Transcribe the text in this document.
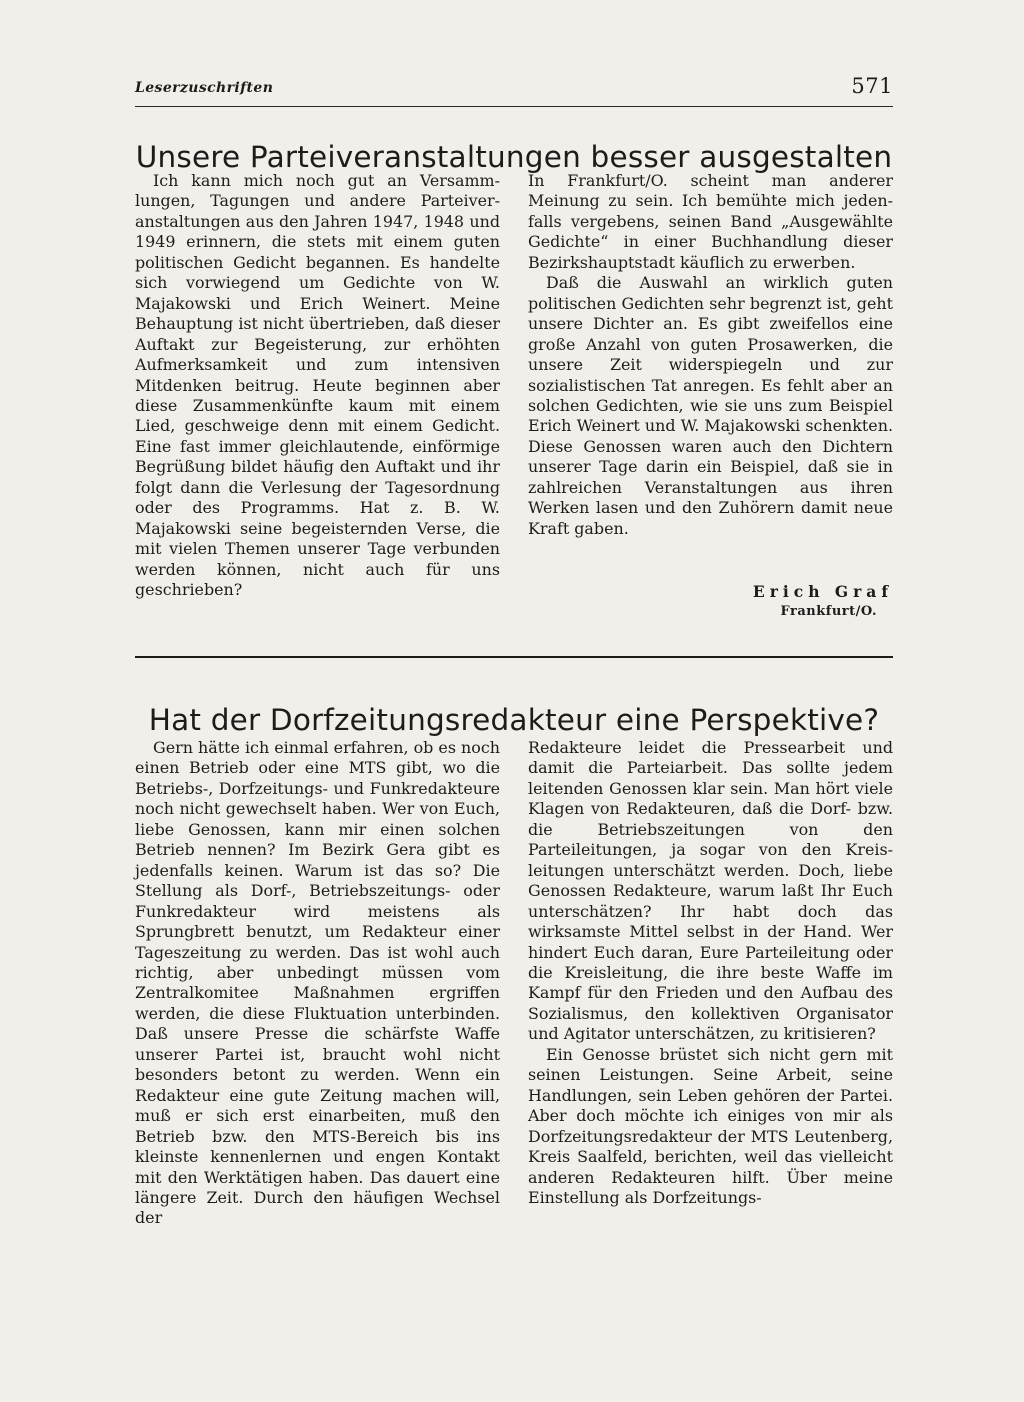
Leserzuschriften	571
Unsere Parteiveranstaltungen besser ausgestalten

Ich kann mich noch gut an Versammlungen, Tagungen und andere Parteiveranstaltungen aus den Jahren 1947, 1948 und 1949 erinnern, die stets mit einem guten politischen Gedicht begannen. Es handelte sich vorwiegend um Gedichte von W. Majakowski und Erich Weinert. Meine Behauptung ist nicht übertrieben, daß dieser Auftakt zur Begeisterung, zur erhöhten Aufmerksamkeit und zum intensiven Mitdenken beitrug. Heute beginnen aber diese Zusammenkünfte kaum mit einem Lied, geschweige denn mit einem Gedicht. Eine fast immer gleichlautende, einförmige Begrüßung bildet häufig den Auftakt und ihr folgt dann die Verlesung der Tagesordnung oder des Programms. Hat z. B. W. Majakowski seine begeisternden Verse, die mit vielen Themen unserer Tage verbunden werden können, nicht auch für uns geschrieben?

In Frankfurt/O. scheint man anderer Meinung zu sein. Ich bemühte mich jedenfalls vergebens, seinen Band „Ausgewählte Gedichte“ in einer Buchhandlung dieser Bezirkshauptstadt käuflich zu erwerben.

Daß die Auswahl an wirklich guten politischen Gedichten sehr begrenzt ist, geht unsere Dichter an. Es gibt zweifellos eine große Anzahl von guten Prosawerken, die unsere Zeit widerspiegeln und zur sozialistischen Tat anregen. Es fehlt aber an solchen Gedichten, wie sie uns zum Beispiel Erich Weinert und W. Majakowski schenkten. Diese Genossen waren auch den Dichtern unserer Tage darin ein Beispiel, daß sie in zahlreichen Veranstaltungen aus ihren Werken lasen und den Zuhörern damit neue Kraft gaben.

Erich Graf
Frankfurt/O.
Hat der Dorfzeitungsredakteur eine Perspektive?

Gern hätte ich einmal erfahren, ob es noch einen Betrieb oder eine MTS gibt, wo die Betriebs-, Dorfzeitungs- und Funkredakteure noch nicht gewechselt haben. Wer von Euch, liebe Genossen, kann mir einen solchen Betrieb nennen? Im Bezirk Gera gibt es jedenfalls keinen. Warum ist das so? Die Stellung als Dorf-, Betriebszeitungs- oder Funkredakteur wird meistens als Sprungbrett benutzt, um Redakteur einer Tageszeitung zu werden. Das ist wohl auch richtig, aber unbedingt müssen vom Zentralkomitee Maßnahmen ergriffen werden, die diese Fluktuation unterbinden. Daß unsere Presse die schärfste Waffe unserer Partei ist, braucht wohl nicht besonders betont zu werden. Wenn ein Redakteur eine gute Zeitung machen will, muß er sich erst einarbeiten, muß den Betrieb bzw. den MTS-Bereich bis ins kleinste kennenlernen und engen Kontakt mit den Werktätigen haben. Das dauert eine längere Zeit. Durch den häufigen Wechsel der

Redakteure leidet die Pressearbeit und damit die Parteiarbeit. Das sollte jedem leitenden Genossen klar sein. Man hört viele Klagen von Redakteuren, daß die Dorf- bzw. die Betriebszeitungen von den Parteileitungen, ja sogar von den Kreisleitungen unterschätzt werden. Doch, liebe Genossen Redakteure, warum laßt Ihr Euch unterschätzen? Ihr habt doch das wirksamste Mittel selbst in der Hand. Wer hindert Euch daran, Eure Parteileitung oder die Kreisleitung, die ihre beste Waffe im Kampf für den Frieden und den Aufbau des Sozialismus, den kollektiven Organisator und Agitator unterschätzen, zu kritisieren?

Ein Genosse brüstet sich nicht gern mit seinen Leistungen. Seine Arbeit, seine Handlungen, sein Leben gehören der Partei. Aber doch möchte ich einiges von mir als Dorfzeitungsredakteur der MTS Leutenberg, Kreis Saalfeld, berichten, weil das vielleicht anderen Redakteuren hilft. Über meine Einstellung als Dorfzeitungs-
